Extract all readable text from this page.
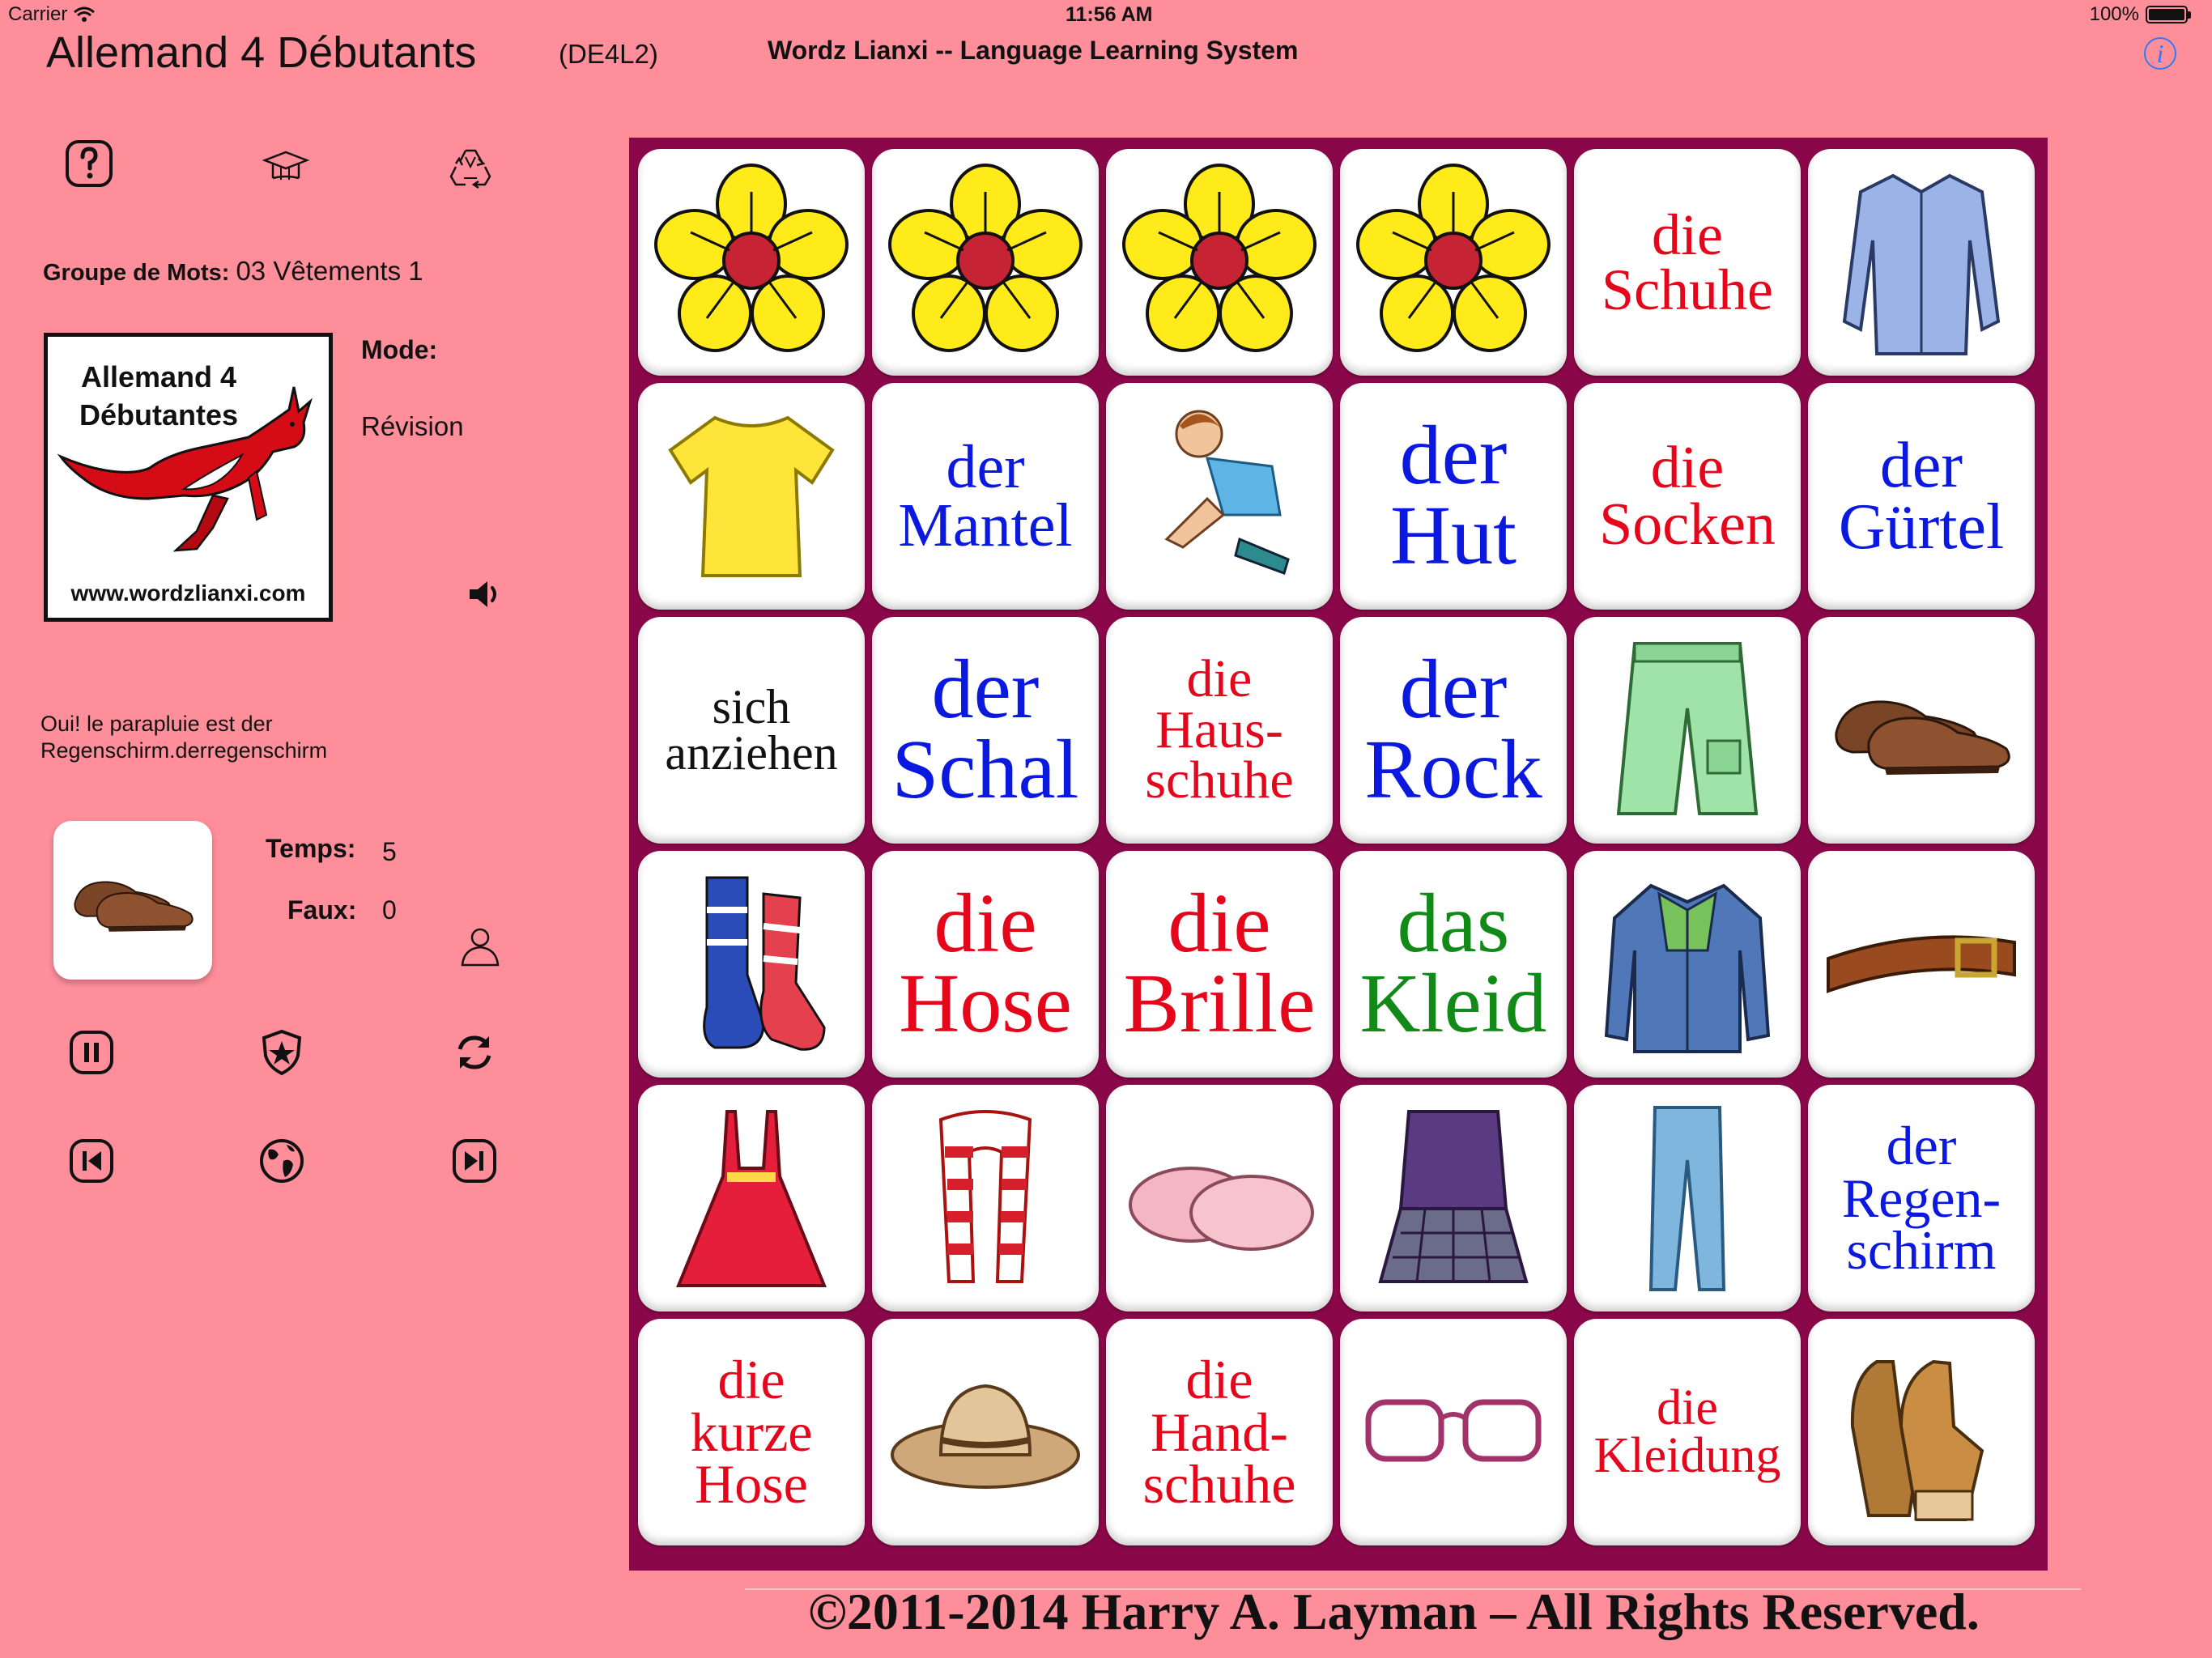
Carrier	11:56 AM	100%
Allemand 4 Débutants	(DE4L2)	Wordz Lianxi -- Language Learning System	i
Groupe de Mots: 03 Vêtements 1
Allemand 4
Débutantes
www.wordzlianxi.com
Mode:
Révision
Oui! le parapluie est der Regenschirm.derregenschirm
Temps: 5
Faux: 0
die
Schuhe
der
Mantel
der
Hut
die
Socken
der
Gürtel
sich
anziehen
der
Schal
die
Haus-
schuhe
der
Rock
die
Hose
die
Brille
das
Kleid
der
Regen-
schirm
die
kurze
Hose
die
Hand-
schuhe
die
Kleidung
©2011-2014 Harry A. Layman – All Rights Reserved.
